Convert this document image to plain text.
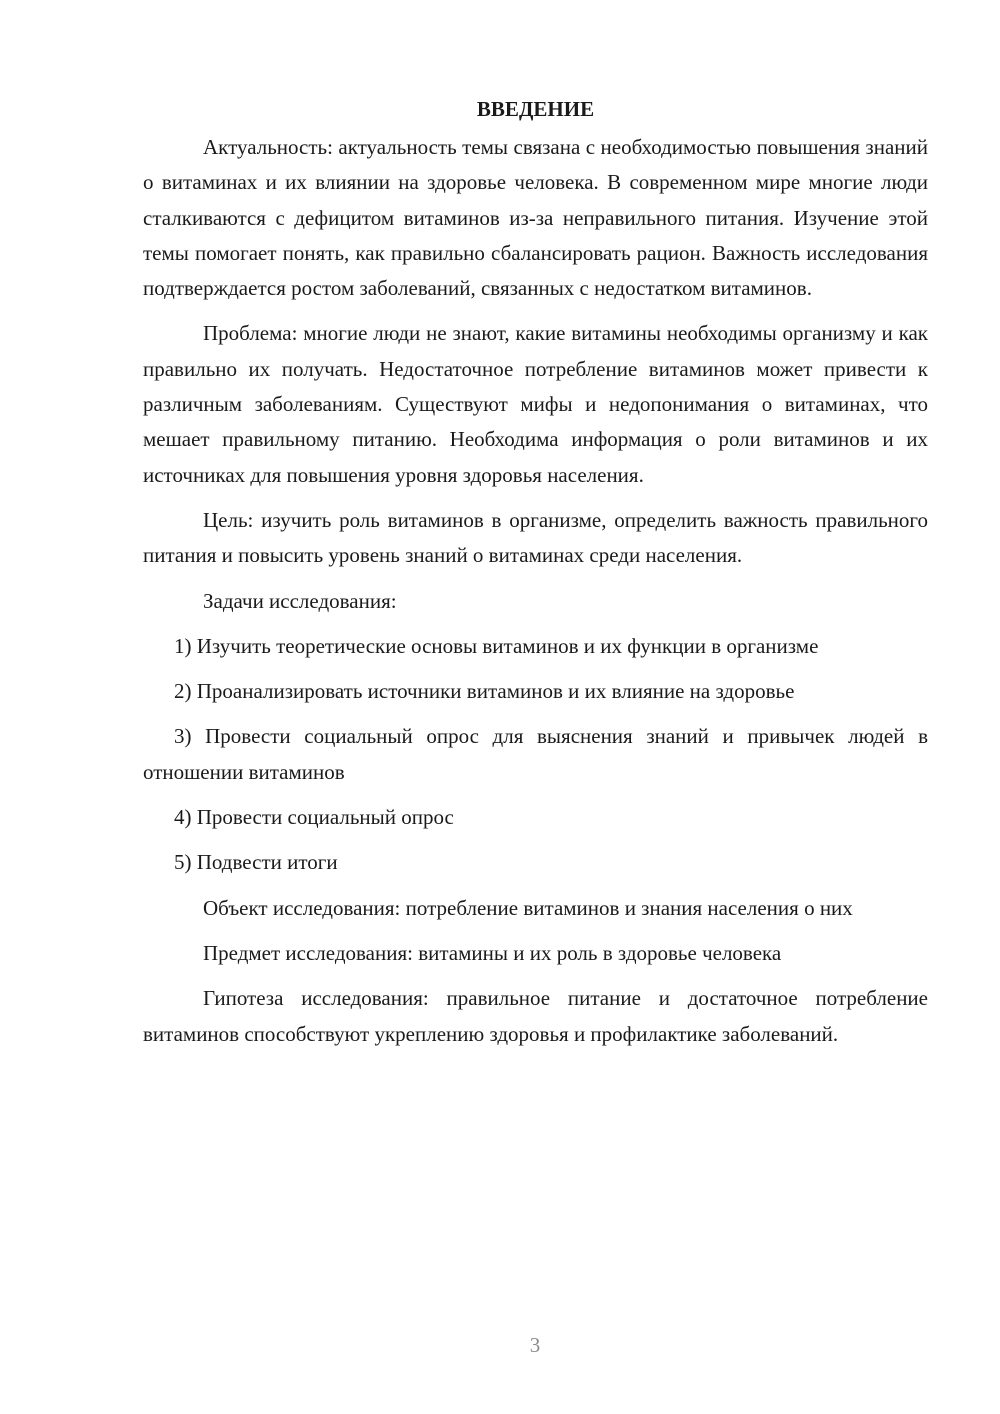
ВВЕДЕНИЕ

Актуальность: актуальность темы связана с необходимостью повышения знаний о витаминах и их влиянии на здоровье человека. В современном мире многие люди сталкиваются с дефицитом витаминов из-за неправильного питания. Изучение этой темы помогает понять, как правильно сбалансировать рацион. Важность исследования подтверждается ростом заболеваний, связанных с недостатком витаминов.

Проблема: многие люди не знают, какие витамины необходимы организму и как правильно их получать. Недостаточное потребление витаминов может привести к различным заболеваниям. Существуют мифы и недопонимания о витаминах, что мешает правильному питанию. Необходима информация о роли витаминов и их источниках для повышения уровня здоровья населения.

Цель: изучить роль витаминов в организме, определить важность правильного питания и повысить уровень знаний о витаминах среди населения.

Задачи исследования:

1) Изучить теоретические основы витаминов и их функции в организме

2) Проанализировать источники витаминов и их влияние на здоровье

3) Провести социальный опрос для выяснения знаний и привычек людей в отношении витаминов

4) Провести социальный опрос

5) Подвести итоги

Объект исследования: потребление витаминов и знания населения о них

Предмет исследования: витамины и их роль в здоровье человека

Гипотеза исследования: правильное питание и достаточное потребление витаминов способствуют укреплению здоровья и профилактике заболеваний.

3
